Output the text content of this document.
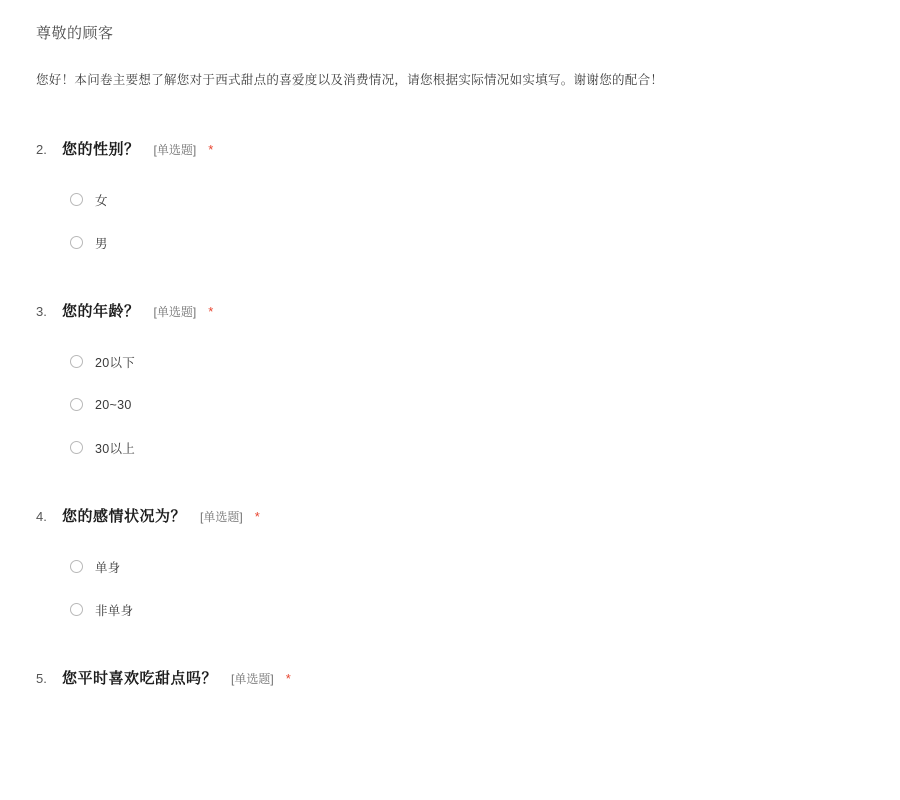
尊敬的顾客
您好！本问卷主要想了解您对于西式甜点的喜爱度以及消费情况，请您根据实际情况如实填写。谢谢您的配合！
2.	您的性别？ [单选题] *
女
男
3.	您的年龄？ [单选题] *
20以下
20~30
30以上
4.	您的感情状况为？ [单选题] *
单身
非单身
5.	您平时喜欢吃甜点吗？ [单选题] *
